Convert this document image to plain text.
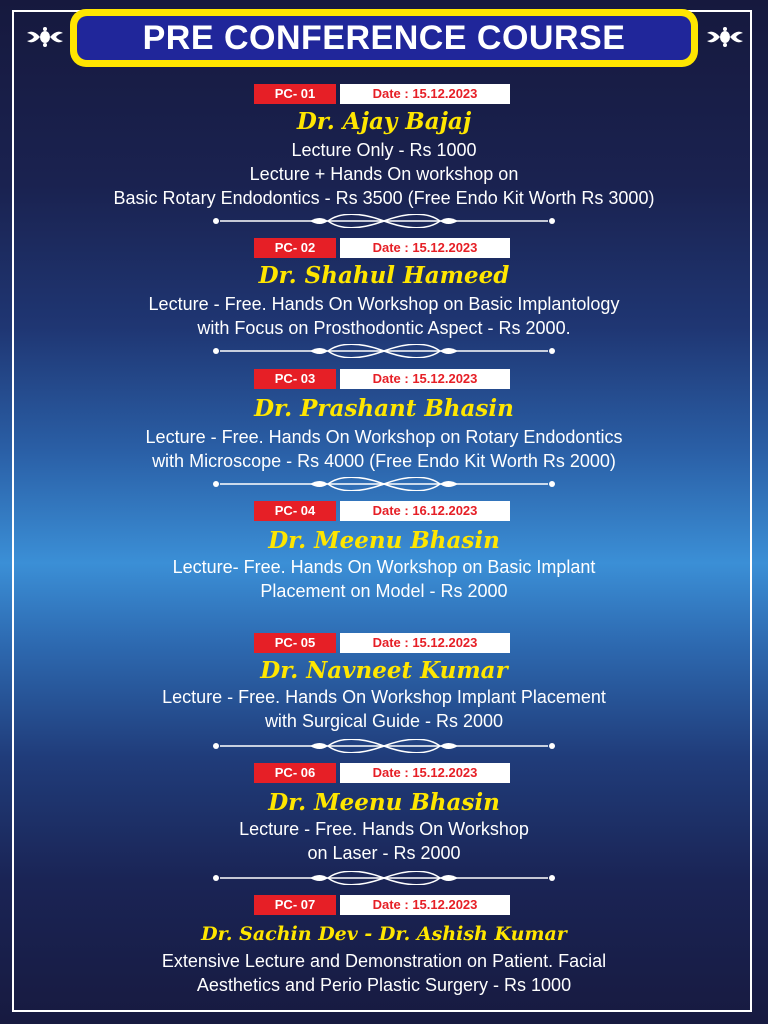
PRE CONFERENCE COURSE
PC- 01	Date : 15.12.2023
Dr. Ajay Bajaj
Lecture Only - Rs 1000
Lecture + Hands On workshop on
Basic Rotary Endodontics - Rs 3500 (Free Endo Kit Worth Rs 3000)
PC- 02	Date : 15.12.2023
Dr. Shahul Hameed
Lecture - Free. Hands On Workshop on Basic Implantology
with Focus on Prosthodontic Aspect - Rs 2000.
PC- 03	Date : 15.12.2023
Dr. Prashant Bhasin
Lecture - Free. Hands On Workshop on Rotary Endodontics
with Microscope - Rs 4000 (Free Endo Kit Worth Rs 2000)
PC- 04	Date : 16.12.2023
Dr. Meenu Bhasin
Lecture- Free. Hands On Workshop on Basic Implant
Placement on Model - Rs 2000
PC- 05	Date : 15.12.2023
Dr. Navneet Kumar
Lecture - Free. Hands On Workshop Implant Placement
with Surgical Guide - Rs 2000
PC- 06	Date : 15.12.2023
Dr. Meenu Bhasin
Lecture - Free. Hands On Workshop
on Laser - Rs 2000
PC- 07	Date : 15.12.2023
Dr. Sachin Dev - Dr. Ashish Kumar
Extensive Lecture and Demonstration on Patient. Facial
Aesthetics and Perio Plastic Surgery - Rs 1000
